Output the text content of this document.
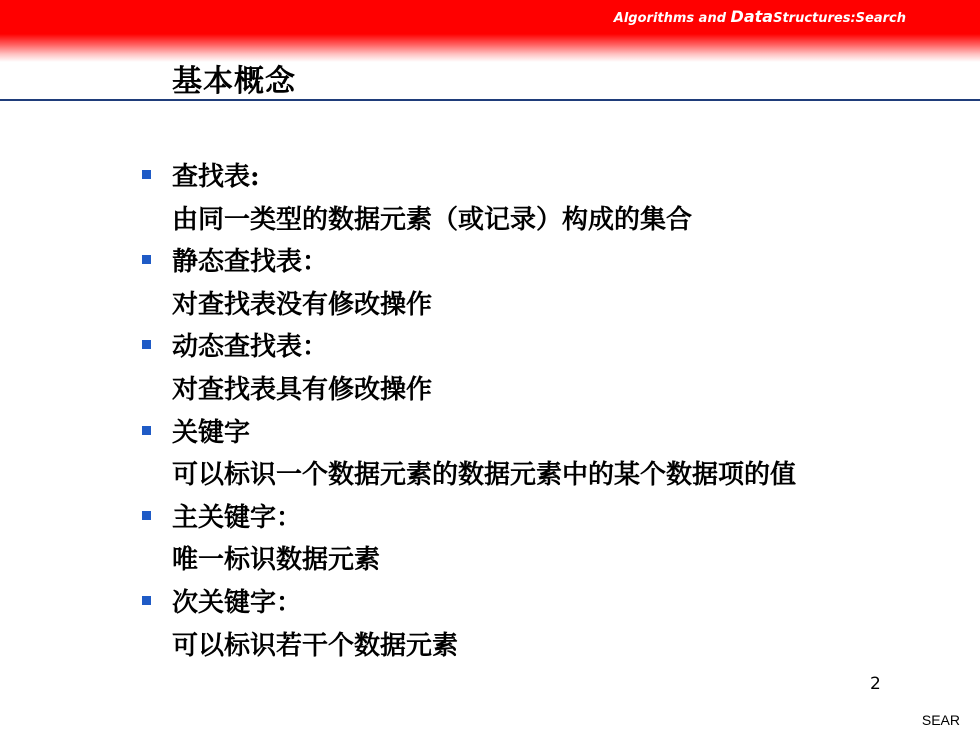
Algorithms and DataStructures:Search
基本概念
查找表:
由同一类型的数据元素（或记录）构成的集合
静态查找表：
对查找表没有修改操作
动态查找表：
对查找表具有修改操作
关键字
可以标识一个数据元素的数据元素中的某个数据项的值
主关键字：
唯一标识数据元素
次关键字：
可以标识若干个数据元素
2
SEAR
